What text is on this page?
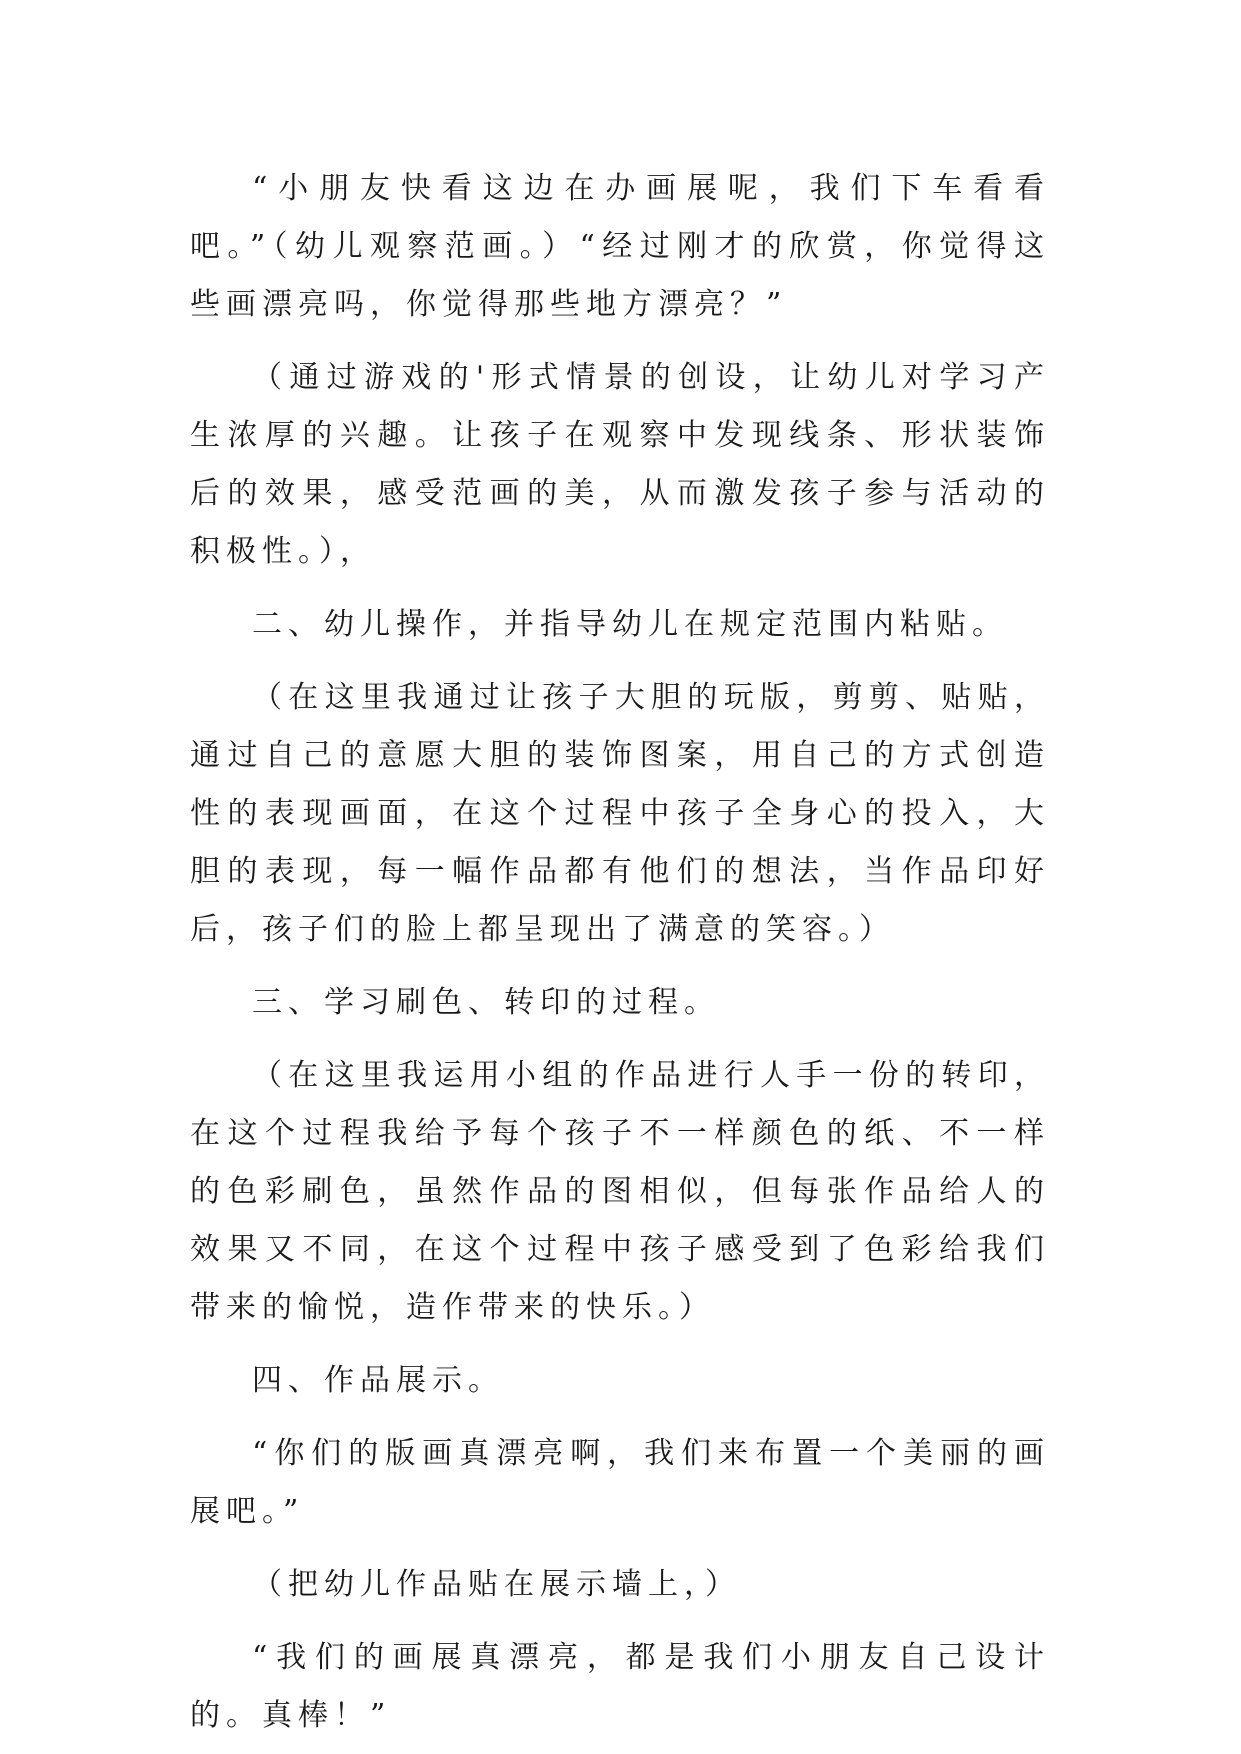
“小朋友快看这边在办画展呢，我们下车看看吧。”（幼儿观察范画。）“经过刚才的欣赏，你觉得这些画漂亮吗，你觉得那些地方漂亮？”

（通过游戏的'形式情景的创设，让幼儿对学习产生浓厚的兴趣。让孩子在观察中发现线条、形状装饰后的效果，感受范画的美，从而激发孩子参与活动的积极性。），

二、幼儿操作，并指导幼儿在规定范围内粘贴。

（在这里我通过让孩子大胆的玩版，剪剪、贴贴，通过自己的意愿大胆的装饰图案，用自己的方式创造性的表现画面，在这个过程中孩子全身心的投入，大胆的表现，每一幅作品都有他们的想法，当作品印好后，孩子们的脸上都呈现出了满意的笑容。）

三、学习刷色、转印的过程。

（在这里我运用小组的作品进行人手一份的转印，在这个过程我给予每个孩子不一样颜色的纸、不一样的色彩刷色，虽然作品的图相似，但每张作品给人的效果又不同，在这个过程中孩子感受到了色彩给我们带来的愉悦，造作带来的快乐。）

四、作品展示。

“你们的版画真漂亮啊，我们来布置一个美丽的画展吧。”

（把幼儿作品贴在展示墙上，）

“我们的画展真漂亮，都是我们小朋友自己设计的。真棒！”
